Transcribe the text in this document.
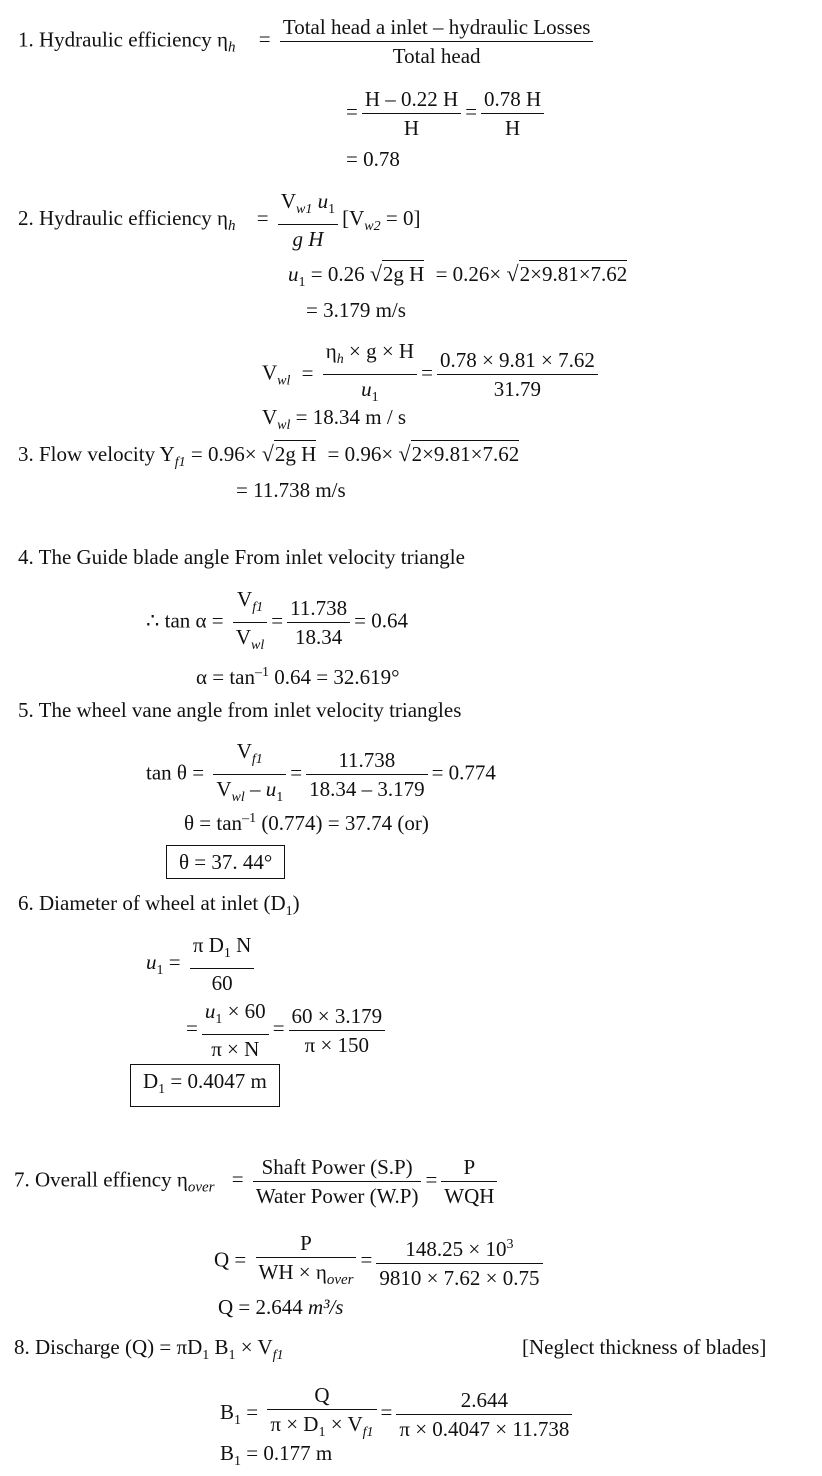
1. Hydraulic efficiency $\eta_h = \frac{\text{Total head a inlet – hydraulic Losses}}{\text{Total head}}$
= $\frac{H - 0.22 H}{H} = \frac{0.78 H}{H}$
= 0.78
2. Hydraulic efficiency $\eta_h = \frac{V_{w1} u_1}{\text{g H}} [V_{w2} = 0]$
$u_1 = 0.26$ √2g H = 0.26× √2×9.81×7.62
= 3.179 m/s
$V_{wl} = \frac{\eta_h \times g \times H}{u_1} = \frac{0.78 \times 9.81 \times 7.62}{31.79}$
$V_{wl} = 18.34$ m / s
3. Flow velocity $Y_{f1} = 0.96\times √2g$ H = 0.96× √2×9.81×7.62
= 11.738 m/s
4. The Guide blade angle From inlet velocity triangle
∴ $\tan \alpha = \frac{V_{f1}}{V_{wl}} = \frac{11.738}{18.34} = 0.64$
$\alpha = \tan^{-1} 0.64 = 32.619^\circ$
5. The wheel vane angle from inlet velocity triangles
$\tan \theta = \frac{V_{f1}}{V_{wl} - u_1} = \frac{11.738}{18.34 - 3.179} = 0.774$
$\theta = \tan^{-1} (0.774) = 37.74$ (or)
θ = 37. 44°
6. Diameter of wheel at inlet $(D_1)$
$u_1 = \frac{\pi D_1 N}{60}$
= $\frac{u_1 \times 60}{\pi \times N} = \frac{60 \times 3.179}{\pi \times 150}$
$D_1 = 0.4047$ m
7. Overall effiency $\eta_{over} = \frac{\text{Shaft Power (S.P)}}{\text{Water Power (W.P)}} = \frac{P}{\text{WQH}}$
$Q = \frac{P}{WH \times \eta_{over}} = \frac{148.25 \times 10^3}{9810 \times 7.62 \times 0.75}$
Q = 2.644 m³/s
8. Discharge $(Q) = \pi D_1$ $B_1 \times V_{f1}$	[Neglect thickness of blades]
$B_1 = \frac{Q}{\pi \times D_1 \times V_{f1}} = \frac{2.644}{\pi \times 0.4047 \times 11.738}$
$B_1 = 0.177$ m
